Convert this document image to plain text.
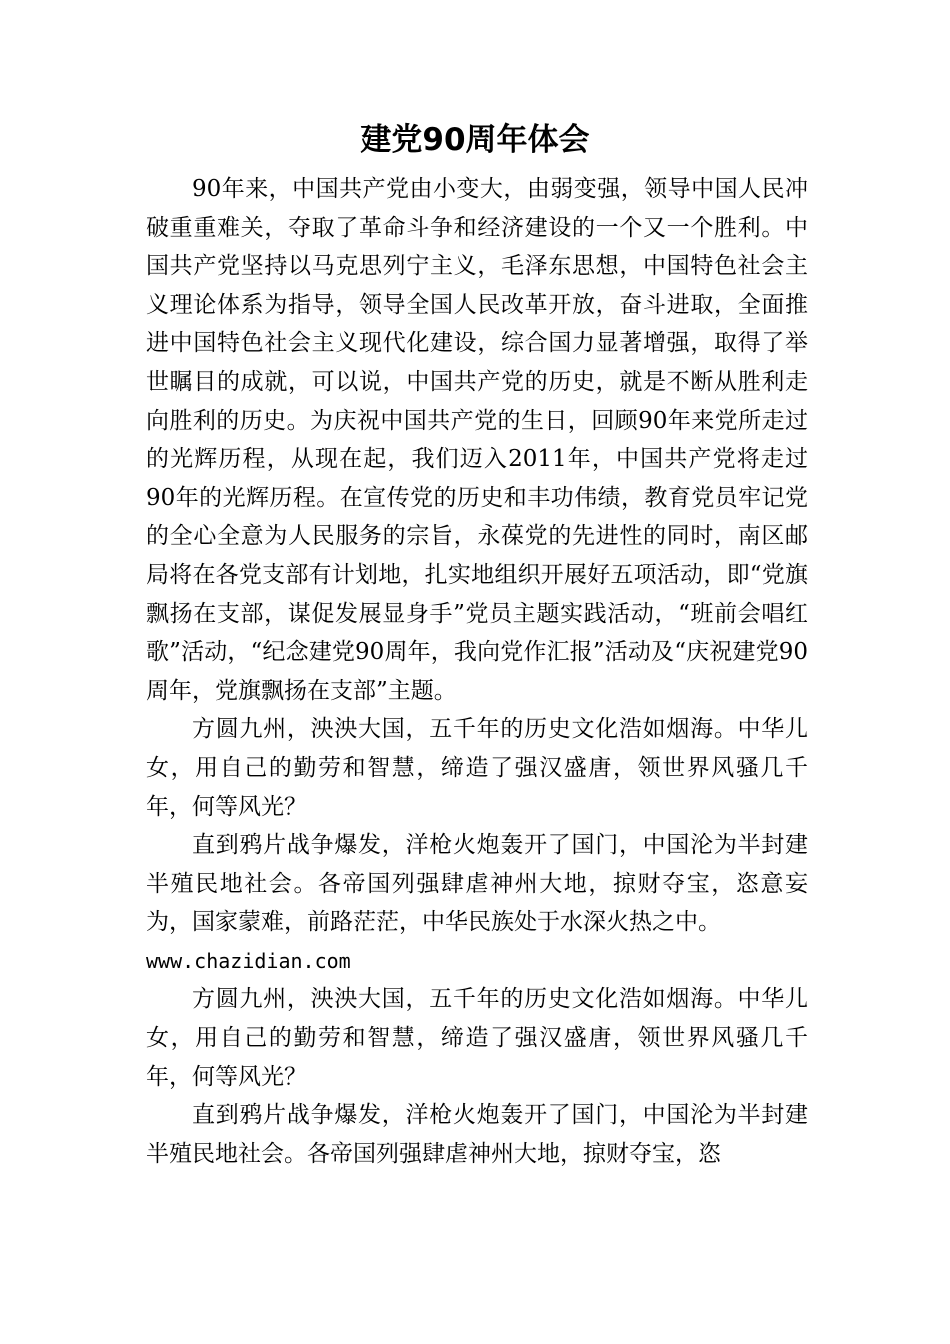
建党90周年体会

90年来，中国共产党由小变大，由弱变强，领导中国人民冲破重重难关，夺取了革命斗争和经济建设的一个又一个胜利。中国共产党坚持以马克思列宁主义，毛泽东思想，中国特色社会主义理论体系为指导，领导全国人民改革开放，奋斗进取，全面推进中国特色社会主义现代化建设，综合国力显著增强，取得了举世瞩目的成就，可以说，中国共产党的历史，就是不断从胜利走向胜利的历史。为庆祝中国共产党的生日，回顾90年来党所走过的光辉历程，从现在起，我们迈入2011年，中国共产党将走过90年的光辉历程。在宣传党的历史和丰功伟绩，教育党员牢记党的全心全意为人民服务的宗旨，永葆党的先进性的同时，南区邮局将在各党支部有计划地，扎实地组织开展好五项活动，即“党旗飘扬在支部，谋促发展显身手”党员主题实践活动，“班前会唱红歌”活动，“纪念建党90周年，我向党作汇报”活动及“庆祝建党90周年，党旗飘扬在支部”主题。

方圆九州，泱泱大国，五千年的历史文化浩如烟海。中华儿女，用自己的勤劳和智慧，缔造了强汉盛唐，领世界风骚几千年，何等风光？

直到鸦片战争爆发，洋枪火炮轰开了国门，中国沦为半封建半殖民地社会。各帝国列强肆虐神州大地，掠财夺宝，恣意妄为，国家蒙难，前路茫茫，中华民族处于水深火热之中。

www.chazidian.com

方圆九州，泱泱大国，五千年的历史文化浩如烟海。中华儿女，用自己的勤劳和智慧，缔造了强汉盛唐，领世界风骚几千年，何等风光？

直到鸦片战争爆发，洋枪火炮轰开了国门，中国沦为半封建半殖民地社会。各帝国列强肆虐神州大地，掠财夺宝，恣
